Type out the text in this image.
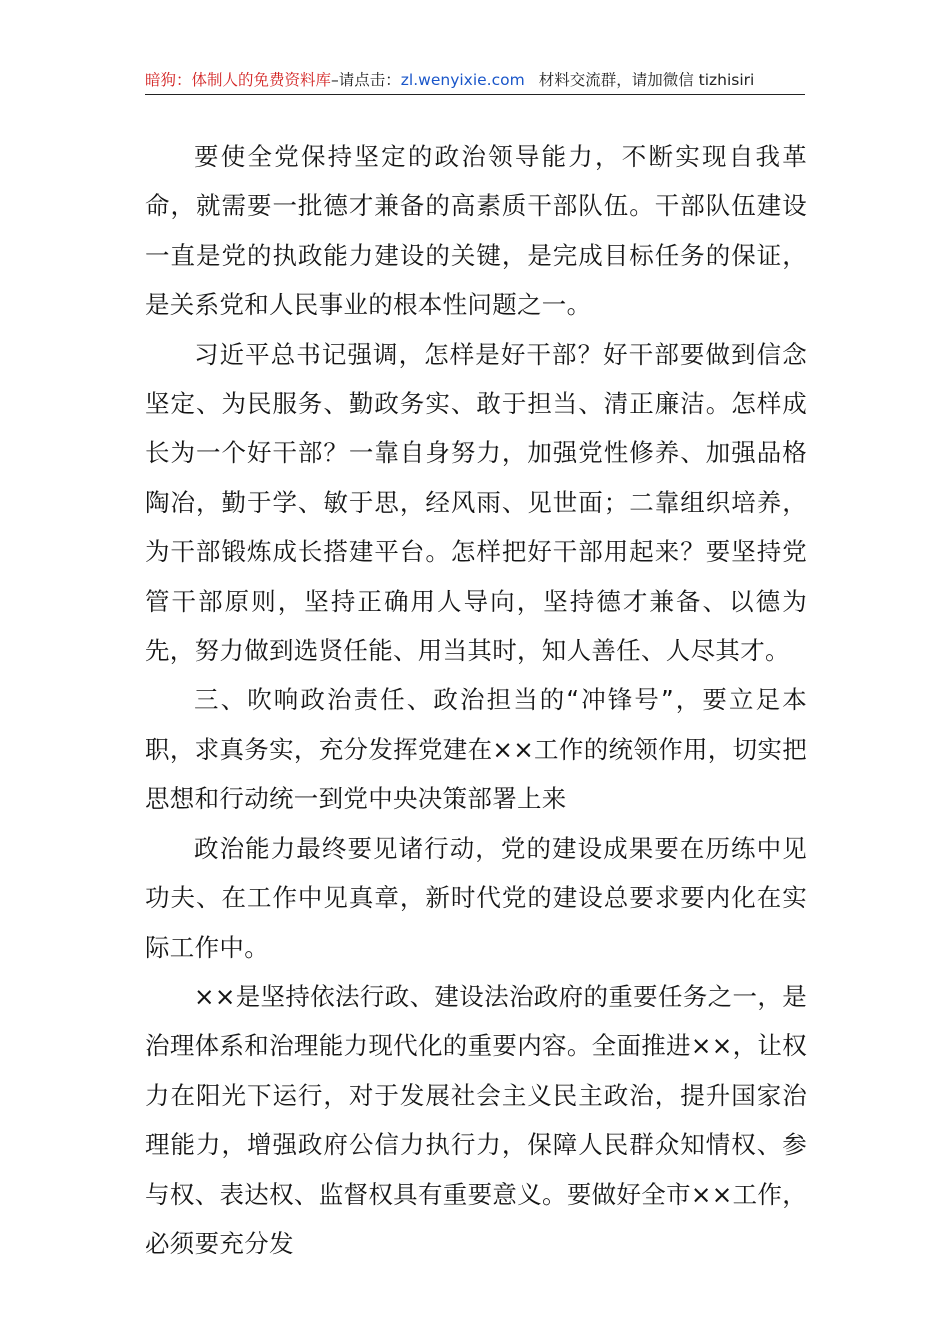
暗狗：体制人的免费资料库–请点击：zl.wenyixie.com 材料交流群，请加微信 tizhisiri

要使全党保持坚定的政治领导能力，不断实现自我革命，就需要一批德才兼备的高素质干部队伍。干部队伍建设一直是党的执政能力建设的关键，是完成目标任务的保证，是关系党和人民事业的根本性问题之一。

习近平总书记强调，怎样是好干部？好干部要做到信念坚定、为民服务、勤政务实、敢于担当、清正廉洁。怎样成长为一个好干部？一靠自身努力，加强党性修养、加强品格陶冶，勤于学、敏于思，经风雨、见世面；二靠组织培养，为干部锻炼成长搭建平台。怎样把好干部用起来？要坚持党管干部原则，坚持正确用人导向，坚持德才兼备、以德为先，努力做到选贤任能、用当其时，知人善任、人尽其才。

三、吹响政治责任、政治担当的“冲锋号”，要立足本职，求真务实，充分发挥党建在××工作的统领作用，切实把思想和行动统一到党中央决策部署上来

政治能力最终要见诸行动，党的建设成果要在历练中见功夫、在工作中见真章，新时代党的建设总要求要内化在实际工作中。

××是坚持依法行政、建设法治政府的重要任务之一，是治理体系和治理能力现代化的重要内容。全面推进××，让权力在阳光下运行，对于发展社会主义民主政治，提升国家治理能力，增强政府公信力执行力，保障人民群众知情权、参与权、表达权、监督权具有重要意义。要做好全市××工作，必须要充分发
